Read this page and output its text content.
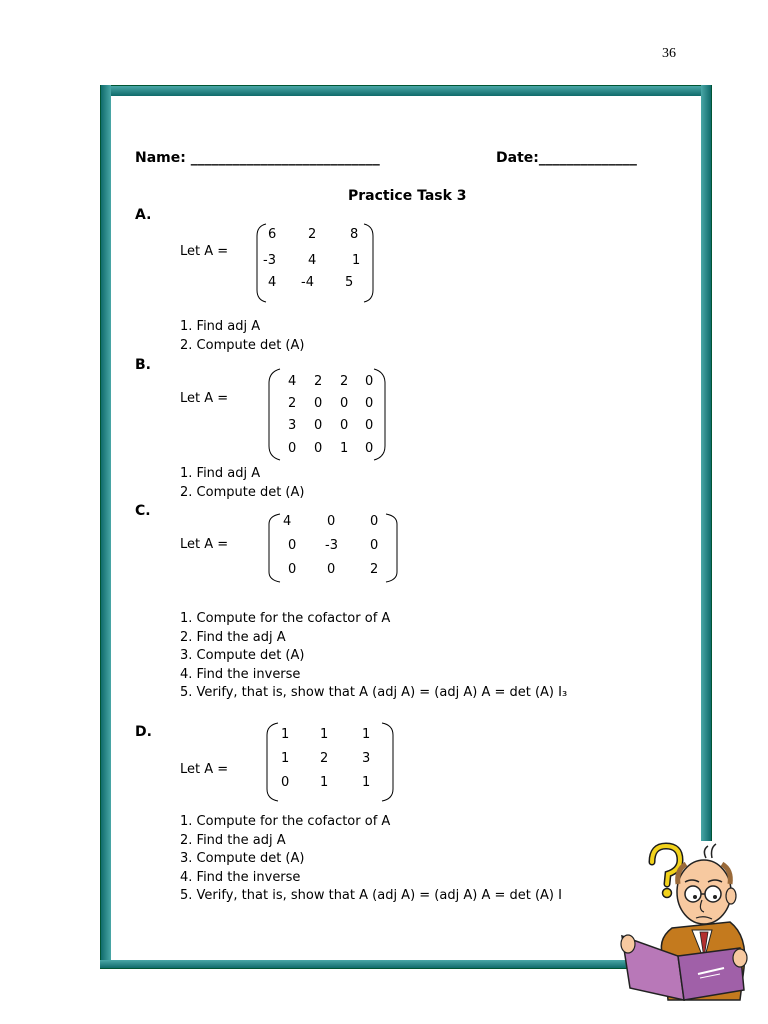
36
Name: ___________________________	Date:______________
Practice Task 3
A.
Let A =
6 2	8
-3 4	1
4 -4 5
1. Find adj A
2. Compute det (A)
B.
Let A =
4 2 2 0
2 0 0 0
3 0 0 0
0 0 1 0
1. Find adj A
2. Compute det (A)
C.
Let A =
4	0	0
0 -3 0
0 0	2
1. Compute for the cofactor of A
2. Find the adj A
3. Compute det (A)
4. Find the inverse
5. Verify, that is, show that A (adj A) = (adj A) A = det (A) I₃
D.
Let A =
1 1	1
1 2	3
0 1	1
1. Compute for the cofactor of A
2. Find the adj A
3. Compute det (A)
4. Find the inverse
5. Verify, that is, show that A (adj A) = (adj A) A = det (A) I
